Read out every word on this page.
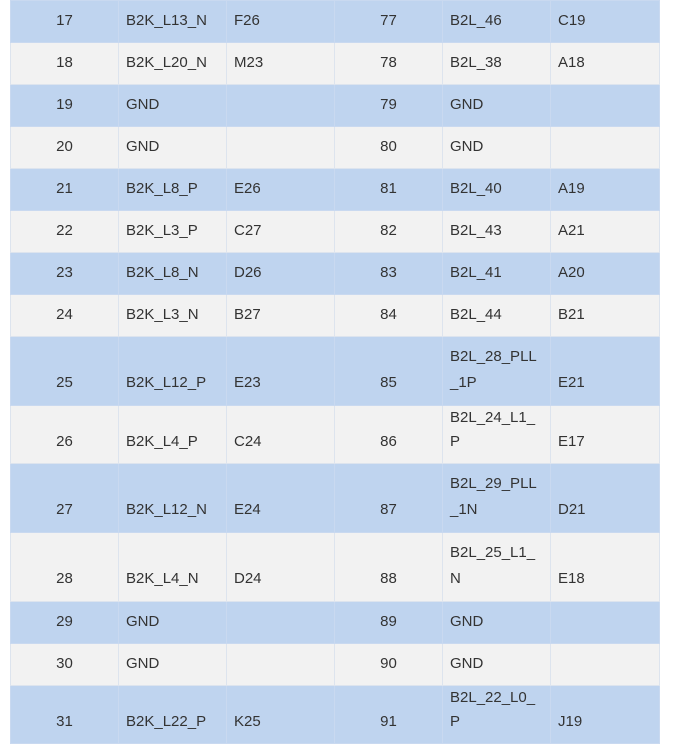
17	B2K_L13_N	F26	77	B2L_46	C19
18	B2K_L20_N	M23	78	B2L_38	A18
19	GND		79	GND	
20	GND		80	GND	
21	B2K_L8_P	E26	81	B2L_40	A19
22	B2K_L3_P	C27	82	B2L_43	A21
23	B2K_L8_N	D26	83	B2L_41	A20
24	B2K_L3_N	B27	84	B2L_44	B21
25	B2K_L12_P	E23	85	B2L_28_PLL_1P	E21
26	B2K_L4_P	C24	86	B2L_24_L1_P	E17
27	B2K_L12_N	E24	87	B2L_29_PLL_1N	D21
28	B2K_L4_N	D24	88	B2L_25_L1_N	E18
29	GND		89	GND	
30	GND		90	GND	
31	B2K_L22_P	K25	91	B2L_22_L0_P	J19
